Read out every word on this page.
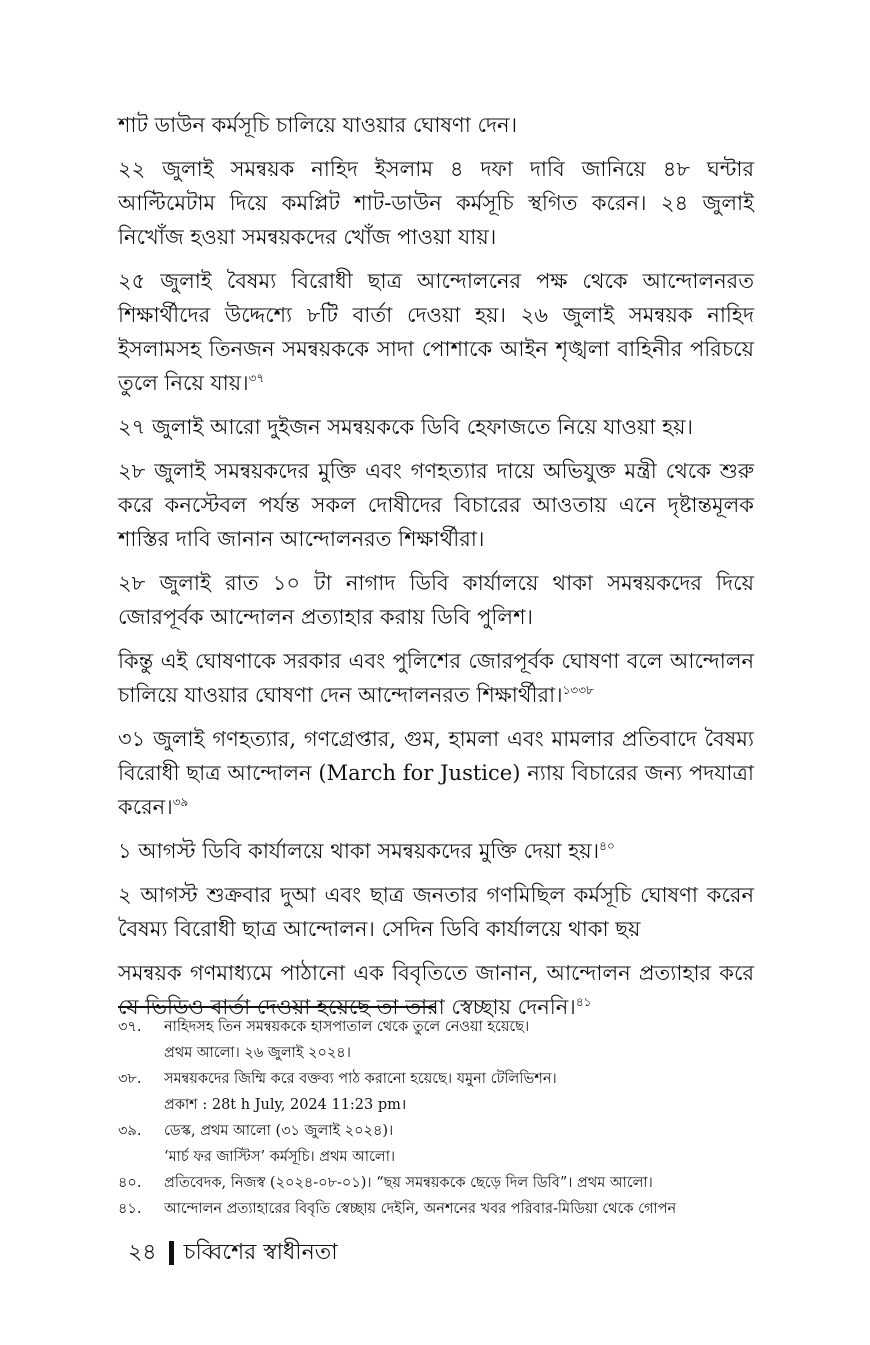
শাট ডাউন কর্মসূচি চালিয়ে যাওয়ার ঘোষণা দেন।

২২ জুলাই সমন্বয়ক নাহিদ ইসলাম ৪ দফা দাবি জানিয়ে ৪৮ ঘন্টার আল্টিমেটাম দিয়ে কমপ্লিট শাট-ডাউন কর্মসূচি স্থগিত করেন। ২৪ জুলাই নিখোঁজ হওয়া সমন্বয়কদের খোঁজ পাওয়া যায়।

২৫ জুলাই বৈষম্য বিরোধী ছাত্র আন্দোলনের পক্ষ থেকে আন্দোলনরত শিক্ষার্থীদের উদ্দেশ্যে ৮টি বার্তা দেওয়া হয়। ২৬ জুলাই সমন্বয়ক নাহিদ ইসলামসহ তিনজন সমন্বয়ককে সাদা পোশাকে আইন শৃঙ্খলা বাহিনীর পরিচয়ে তুলে নিয়ে যায়।$^{৩৭}$

২৭ জুলাই আরো দুইজন সমন্বয়ককে ডিবি হেফাজতে নিয়ে যাওয়া হয়।

২৮ জুলাই সমন্বয়কদের মুক্তি এবং গণহত্যার দায়ে অভিযুক্ত মন্ত্রী থেকে শুরু করে কনস্টেবল পর্যন্ত সকল দোষীদের বিচারের আওতায় এনে দৃষ্টান্তমূলক শাস্তির দাবি জানান আন্দোলনরত শিক্ষার্থীরা।

২৮ জুলাই রাত ১০ টা নাগাদ ডিবি কার্যালয়ে থাকা সমন্বয়কদের দিয়ে জোরপূর্বক আন্দোলন প্রত্যাহার করায় ডিবি পুলিশ।

কিন্তু এই ঘোষণাকে সরকার এবং পুলিশের জোরপূর্বক ঘোষণা বলে আন্দোলন চালিয়ে যাওয়ার ঘোষণা দেন আন্দোলনরত শিক্ষার্থীরা।$^{১৩৩৮}$

৩১ জুলাই গণহত্যার, গণগ্রেপ্তার, গুম, হামলা এবং মামলার প্রতিবাদে বৈষম্য বিরোধী ছাত্র আন্দোলন (March for Justice) ন্যায় বিচারের জন্য পদযাত্রা করেন।$^{৩৯}$

১ আগস্ট ডিবি কার্যালয়ে থাকা সমন্বয়কদের মুক্তি দেয়া হয়।$^{৪০}$

২ আগস্ট শুক্রবার দুআ এবং ছাত্র জনতার গণমিছিল কর্মসূচি ঘোষণা করেন বৈষম্য বিরোধী ছাত্র আন্দোলন। সেদিন ডিবি কার্যালয়ে থাকা ছয়

সমন্বয়ক গণমাধ্যমে পাঠানো এক বিবৃতিতে জানান, আন্দোলন প্রত্যাহার করে যে ভিডিও বার্তা দেওয়া হয়েছে তা তারা স্বেচ্ছায় দেননি।$^{৪১}$

৩৭.	নাহিদসহ তিন সমন্বয়ককে হাসপাতাল থেকে তুলে নেওয়া হয়েছে।
প্রথম আলো। ২৬ জুলাই ২০২৪।
৩৮.	সমন্বয়কদের জিম্মি করে বক্তব্য পাঠ করানো হয়েছে। যমুনা টেলিভিশন।
প্রকাশ : 28t h July, 2024 11:23 pm।
৩৯.	ডেস্ক, প্রথম আলো (৩১ জুলাই ২০২৪)।
‘মার্চ ফর জাস্টিস’ কর্মসূচি। প্রথম আলো।
৪০.	প্রতিবেদক, নিজস্ব (২০২৪-০৮-০১)। “ছয় সমন্বয়ককে ছেড়ে দিল ডিবি”। প্রথম আলো।
৪১.	আন্দোলন প্রত্যাহারের বিবৃতি স্বেচ্ছায় দেইনি, অনশনের খবর পরিবার-মিডিয়া থেকে গোপন
২৪ চব্বিশের স্বাধীনতা
